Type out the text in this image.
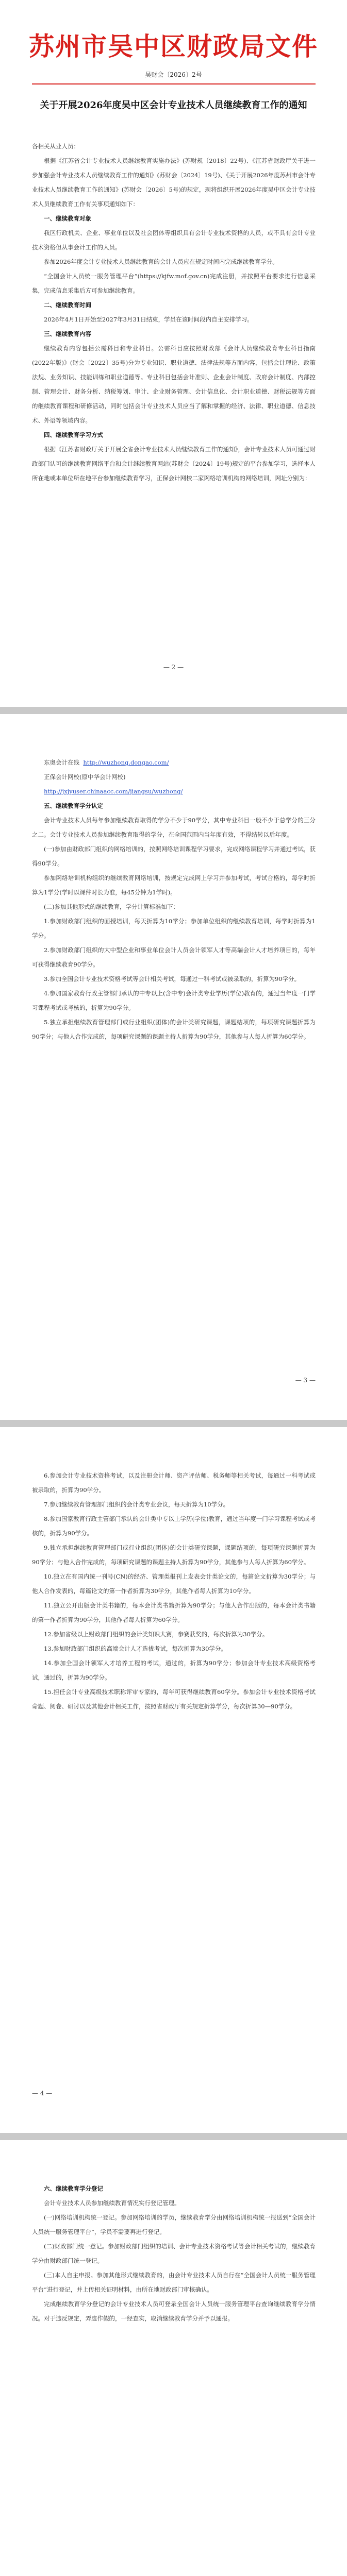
苏州市吴中区财政局文件
吴财会〔2026〕2号
关于开展2026年度吴中区会计专业技术人员继续教育工作的通知

各相关从业人员：

根据《江苏省会计专业技术人员继续教育实施办法》(苏财规〔2018〕22号)、《江苏省财政厅关于进一步加强会计专业技术人员继续教育工作的通知》(苏财会〔2024〕19号)、《关于开展2026年度苏州市会计专业技术人员继续教育工作的通知》(苏财会〔2026〕5号)的规定，现将组织开展2026年度吴中区会计专业技术人员继续教育工作有关事项通知如下：

一、继续教育对象

我区行政机关、企业、事业单位以及社会团体等组织具有会计专业技术资格的人员，或不具有会计专业技术资格但从事会计工作的人员。

参加2026年度会计专业技术人员继续教育的会计人员应在规定时间内完成继续教育学分。

“全国会计人员统一服务管理平台”(https://kjfw.mof.gov.cn)完成注册，并按照平台要求进行信息采集，完成信息采集后方可参加继续教育。

二、继续教育时间

2026年4月1日开始至2027年3月31日结束，学员在该时间段内自主安排学习。

三、继续教育内容

继续教育内容包括公需科目和专业科目。公需科目应按照财政部《会计人员继续教育专业科目指南(2022年版)》(财会〔2022〕35号)分为专业知识、职业道德、法律法规等方面内容，包括会计理论、政策法规、业务知识、技能训练和职业道德等。专业科目包括会计准则、企业会计制度、政府会计制度、内部控制、管理会计、财务分析、纳税筹划、审计、企业财务管理、会计信息化、会计职业道德、财税法规等方面的继续教育课程和研修活动，同时包括会计专业技术人员应当了解和掌握的经济、法律、职业道德、信息技术、外语等领域内容。

四、继续教育学习方式

根据《江苏省财政厅关于开展全省会计专业技术人员继续教育工作的通知》，会计专业技术人员可通过财政部门认可的继续教育网络平台和会计继续教育网站(苏财会〔2024〕19号)规定的平台参加学习，选择本人所在地或本单位所在地平台参加继续教育学习，正保会计网校二家网络培训机构的网络培训，网址分别为：

— 2 —

东奥会计在线 http://wuzhong.dongao.com/

正保会计网校(原中华会计网校)

http://jxjyuser.chinaacc.com/jiangsu/wuzhong/

五、继续教育学分认定

会计专业技术人员每年参加继续教育取得的学分不少于90学分，其中专业科目一般不少于总学分的三分之二。会计专业技术人员参加继续教育取得的学分，在全国范围内当年度有效，不得结转以后年度。

(一)参加由财政部门组织的网络培训的，按照网络培训课程学习要求，完成网络课程学习并通过考试，获得90学分。

参加网络培训机构组织的继续教育网络培训，按规定完成网上学习并参加考试，考试合格的，每学时折算为1学分(学时以课件时长为准，每45分钟为1学时)。

(二)参加其他形式的继续教育，学分计算标准如下：

1.参加财政部门组织的面授培训，每天折算为10学分；参加单位组织的继续教育培训，每学时折算为1学分。

2.参加财政部门组织的大中型企业和事业单位会计人员会计领军人才等高端会计人才培养项目的，每年可获得继续教育90学分。

3.参加全国会计专业技术资格考试等会计相关考试，每通过一科考试或被录取的，折算为90学分。

4.参加国家教育行政主管部门承认的中专以上(含中专)会计类专业学历(学位)教育的，通过当年度一门学习课程考试或考核的，折算为90学分。

5.独立承担继续教育管理部门或行业组织(团体)的会计类研究课题，课题结项的，每项研究课题折算为90学分；与他人合作完成的，每项研究课题的课题主持人折算为90学分，其他参与人每人折算为60学分。

— 3 —

6.参加会计专业技术资格考试，以及注册会计师、资产评估师、税务师等相关考试，每通过一科考试或被录取的，折算为90学分。

7.参加继续教育管理部门组织的会计类专业会议，每天折算为10学分。

8.参加国家教育行政主管部门承认的会计类中专以上学历(学位)教育，通过当年度一门学习课程考试或考核的，折算为90学分。

9.独立承担继续教育管理部门或行业组织(团体)的会计类研究课题，课题结项的，每项研究课题折算为90学分；与他人合作完成的，每项研究课题的课题主持人折算为90学分，其他参与人每人折算为60学分。

10.独立在有国内统一刊号(CN)的经济、管理类报刊上发表会计类论文的，每篇论文折算为30学分；与他人合作发表的，每篇论文的第一作者折算为30学分，其他作者每人折算为10学分。

11.独立公开出版会计类书籍的，每本会计类书籍折算为90学分；与他人合作出版的，每本会计类书籍的第一作者折算为90学分，其他作者每人折算为60学分。

12.参加省级以上财政部门组织的会计类知识大赛，参赛获奖的，每次折算为30学分。

13.参加财政部门组织的高端会计人才选拔考试，每次折算为30学分。

14.参加全国会计领军人才培养工程的考试，通过的，折算为90学分；参加会计专业技术高级资格考试，通过的，折算为90学分。

15.担任会计专业高级技术职称评审专家的，每年可获得继续教育60学分。参加会计专业技术资格考试命题、阅卷、研讨以及其他会计相关工作，按照省财政厅有关规定折算学分，每次折算30—90学分。

— 4 —

六、继续教育学分登记

会计专业技术人员参加继续教育情况实行登记管理。

(一)网络培训机构统一登记。参加网络培训的学员，继续教育学分由网络培训机构统一报送到“全国会计人员统一服务管理平台”，学员不需要再进行登记。

(二)财政部门统一登记。参加财政部门组织的培训、会计专业技术资格考试等会计相关考试的，继续教育学分由财政部门统一登记。

(三)本人自主申报。参加其他形式继续教育的，由会计专业技术人员自行在“全国会计人员统一服务管理平台”进行登记，并上传相关证明材料，由所在地财政部门审核确认。

完成继续教育学分登记的会计专业技术人员可登录全国会计人员统一服务管理平台查询继续教育学分情况。对于违反规定，弄虚作假的，一经查实，取消继续教育学分并予以通报。
